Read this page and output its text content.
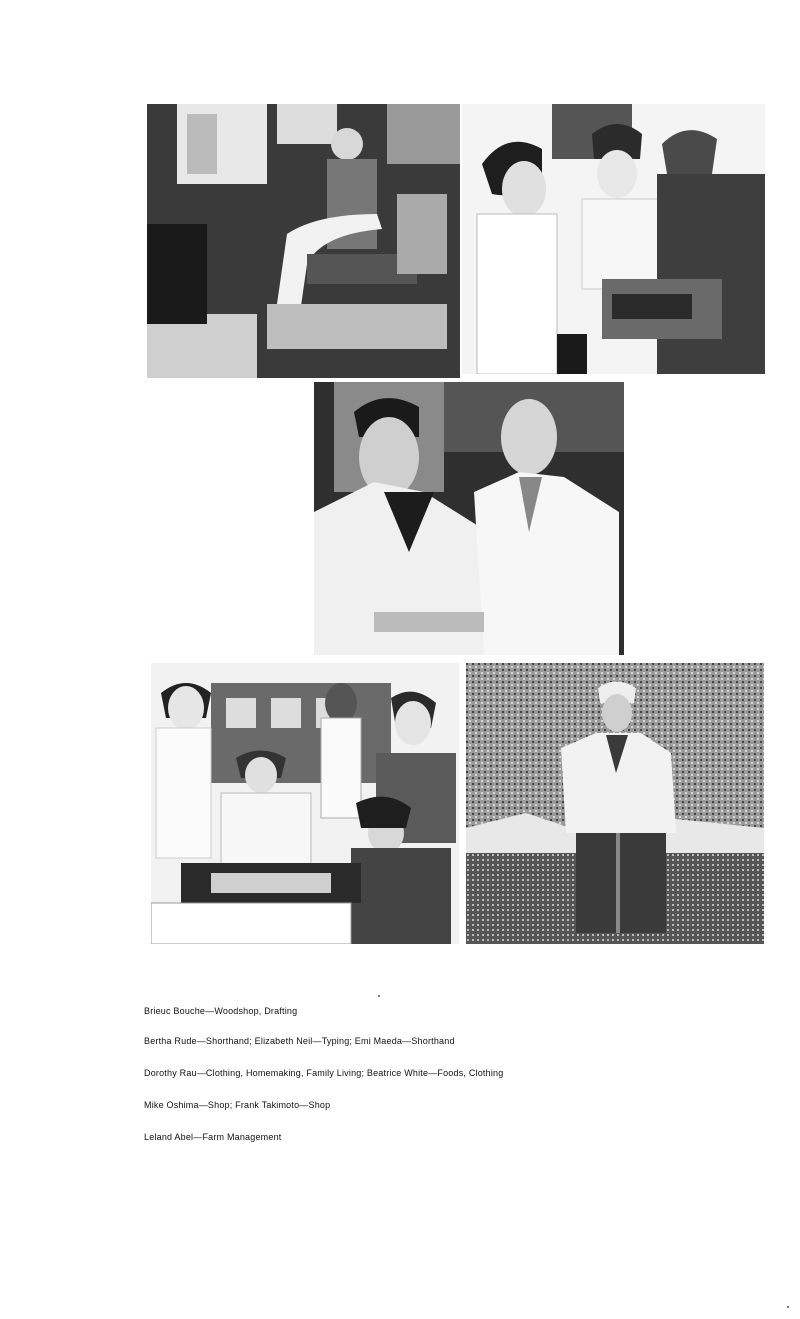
Brieuc Bouche—Woodshop, Drafting
Bertha Rude—Shorthand; Elizabeth Neil—Typing; Emi Maeda—Shorthand
Dorothy Rau—Clothing, Homemaking, Family Living; Beatrice White—Foods, Clothing
Mike Oshima—Shop; Frank Takimoto—Shop
Leland Abel—Farm Management
